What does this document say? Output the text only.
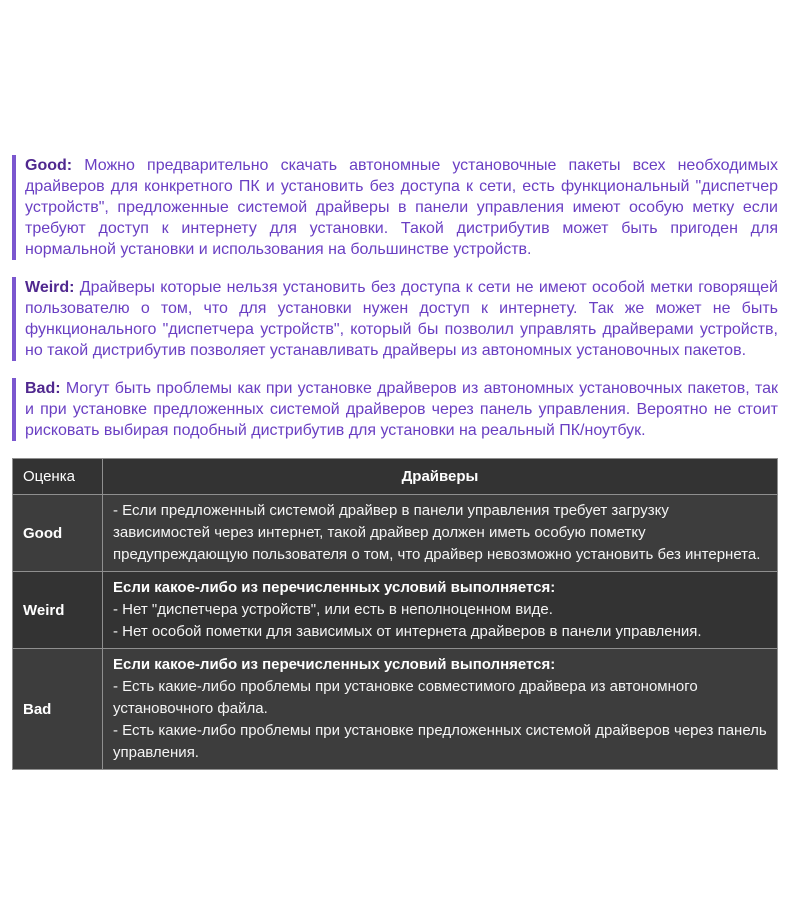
Good: Можно предварительно скачать автономные установочные пакеты всех необходимых драйверов для конкретного ПК и установить без доступа к сети, есть функциональный "диспетчер устройств", предложенные системой драйверы в панели управления имеют особую метку если требуют доступ к интернету для установки. Такой дистрибутив может быть пригоден для нормальной установки и использования на большинстве устройств.
Weird: Драйверы которые нельзя установить без доступа к сети не имеют особой метки говорящей пользователю о том, что для установки нужен доступ к интернету. Так же может не быть функционального "диспетчера устройств", который бы позволил управлять драйверами устройств, но такой дистрибутив позволяет устанавливать драйверы из автономных установочных пакетов.
Bad: Могут быть проблемы как при установке драйверов из автономных установочных пакетов, так и при установке предложенных системой драйверов через панель управления. Вероятно не стоит рисковать выбирая подобный дистрибутив для установки на реальный ПК/ноутбук.
Оценка	Драйверы
Good	- Если предложенный системой драйвер в панели управления требует загрузку зависимостей через интернет, такой драйвер должен иметь особую пометку предупреждающую пользователя о том, что драйвер невозможно установить без интернета.

Weird	Если какое-либо из перечисленных условий выполняется:
- Нет "диспетчера устройств", или есть в неполноценном виде.
- Нет особой пометки для зависимых от интернета драйверов в панели управления.

Bad	Если какое-либо из перечисленных условий выполняется:
- Есть какие-либо проблемы при установке совместимого драйвера из автономного установочного файла.
- Есть какие-либо проблемы при установке предложенных системой драйверов через панель управления.
